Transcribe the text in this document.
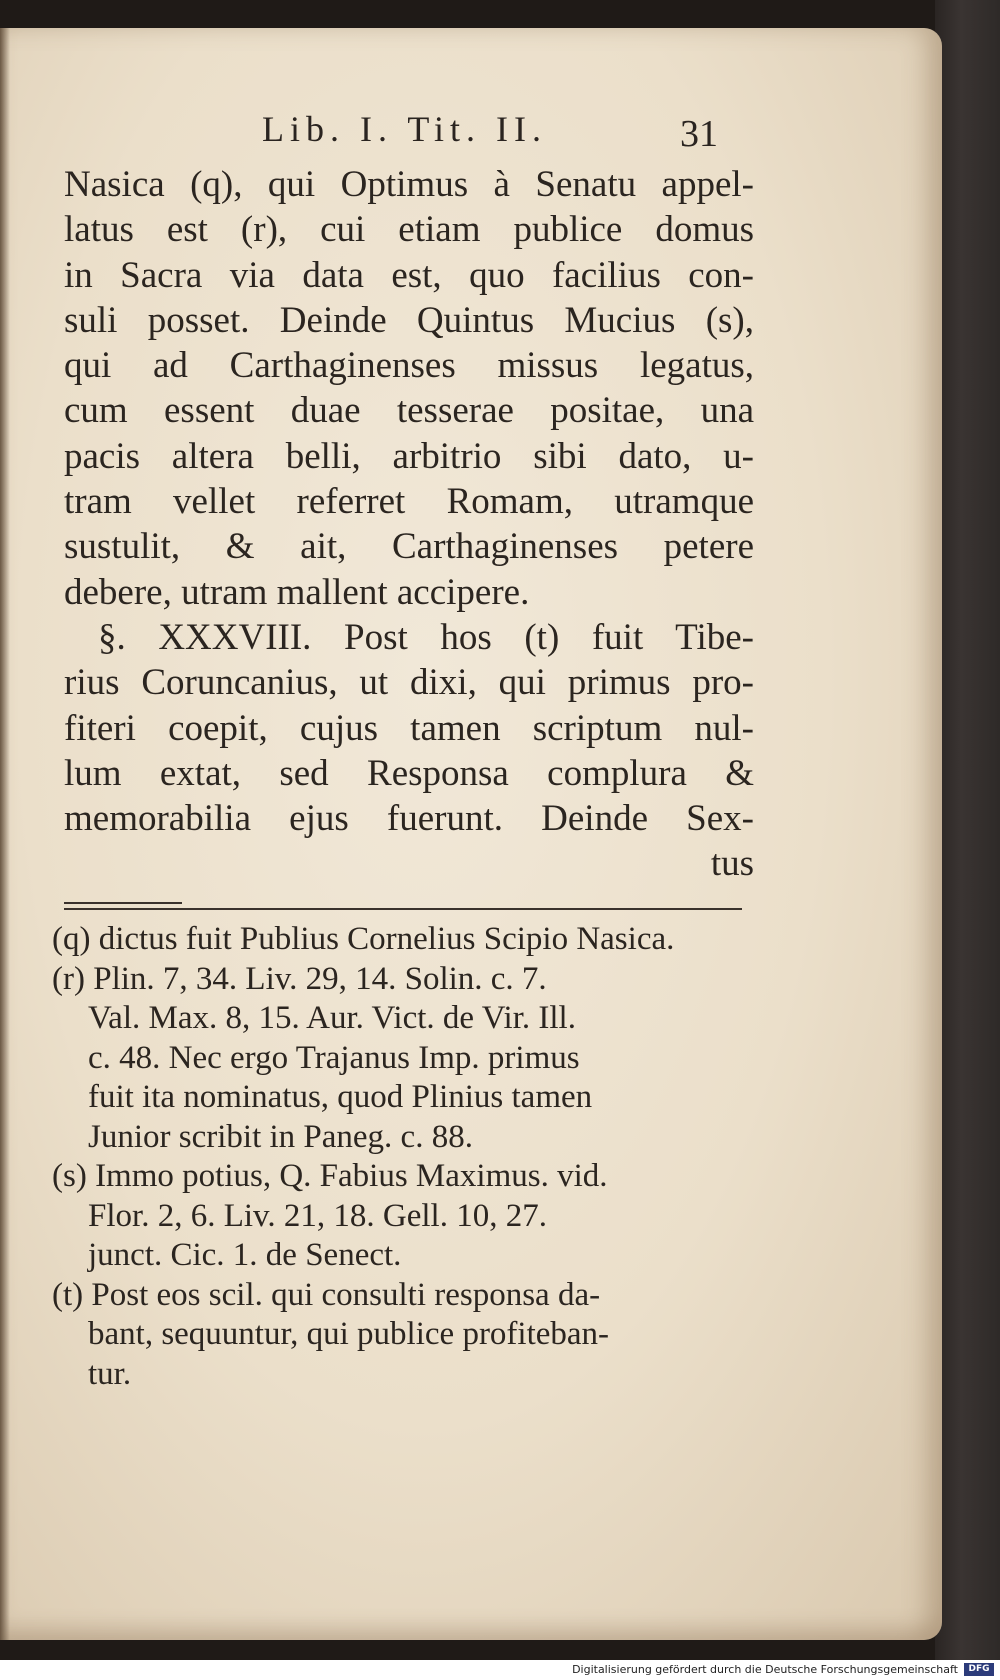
Lib. I. Tit. II.	31
Nasica (q), qui Optimus à Senatu appel-
latus est (r), cui etiam publice domus
in Sacra via data est, quo facilius con-
suli posset. Deinde Quintus Mucius (s),
qui ad Carthaginenses missus legatus,
cum essent duae tesserae positae, una
pacis altera belli, arbitrio sibi dato, u-
tram vellet referret Romam, utramque
sustulit, & ait, Carthaginenses petere
debere, utram mallent accipere.
§. XXXVIII. Post hos (t) fuit Tibe-
rius Coruncanius, ut dixi, qui primus pro-
fiteri coepit, cujus tamen scriptum nul-
lum extat, sed Responsa complura &
memorabilia ejus fuerunt. Deinde Sex-
tus
(q) dictus fuit Publius Cornelius Scipio Nasica.
(r) Plin. 7, 34. Liv. 29, 14. Solin. c. 7.
Val. Max. 8, 15. Aur. Vict. de Vir. Ill.
c. 48. Nec ergo Trajanus Imp. primus
fuit ita nominatus, quod Plinius tamen
Junior scribit in Paneg. c. 88.
(s) Immo potius, Q. Fabius Maximus. vid.
Flor. 2, 6. Liv. 21, 18. Gell. 10, 27.
junct. Cic. 1. de Senect.
(t) Post eos scil. qui consulti responsa da-
bant, sequuntur, qui publice profiteban-
tur.
Digitalisierung gefördert durch die Deutsche Forschungsgemeinschaft	DFG
